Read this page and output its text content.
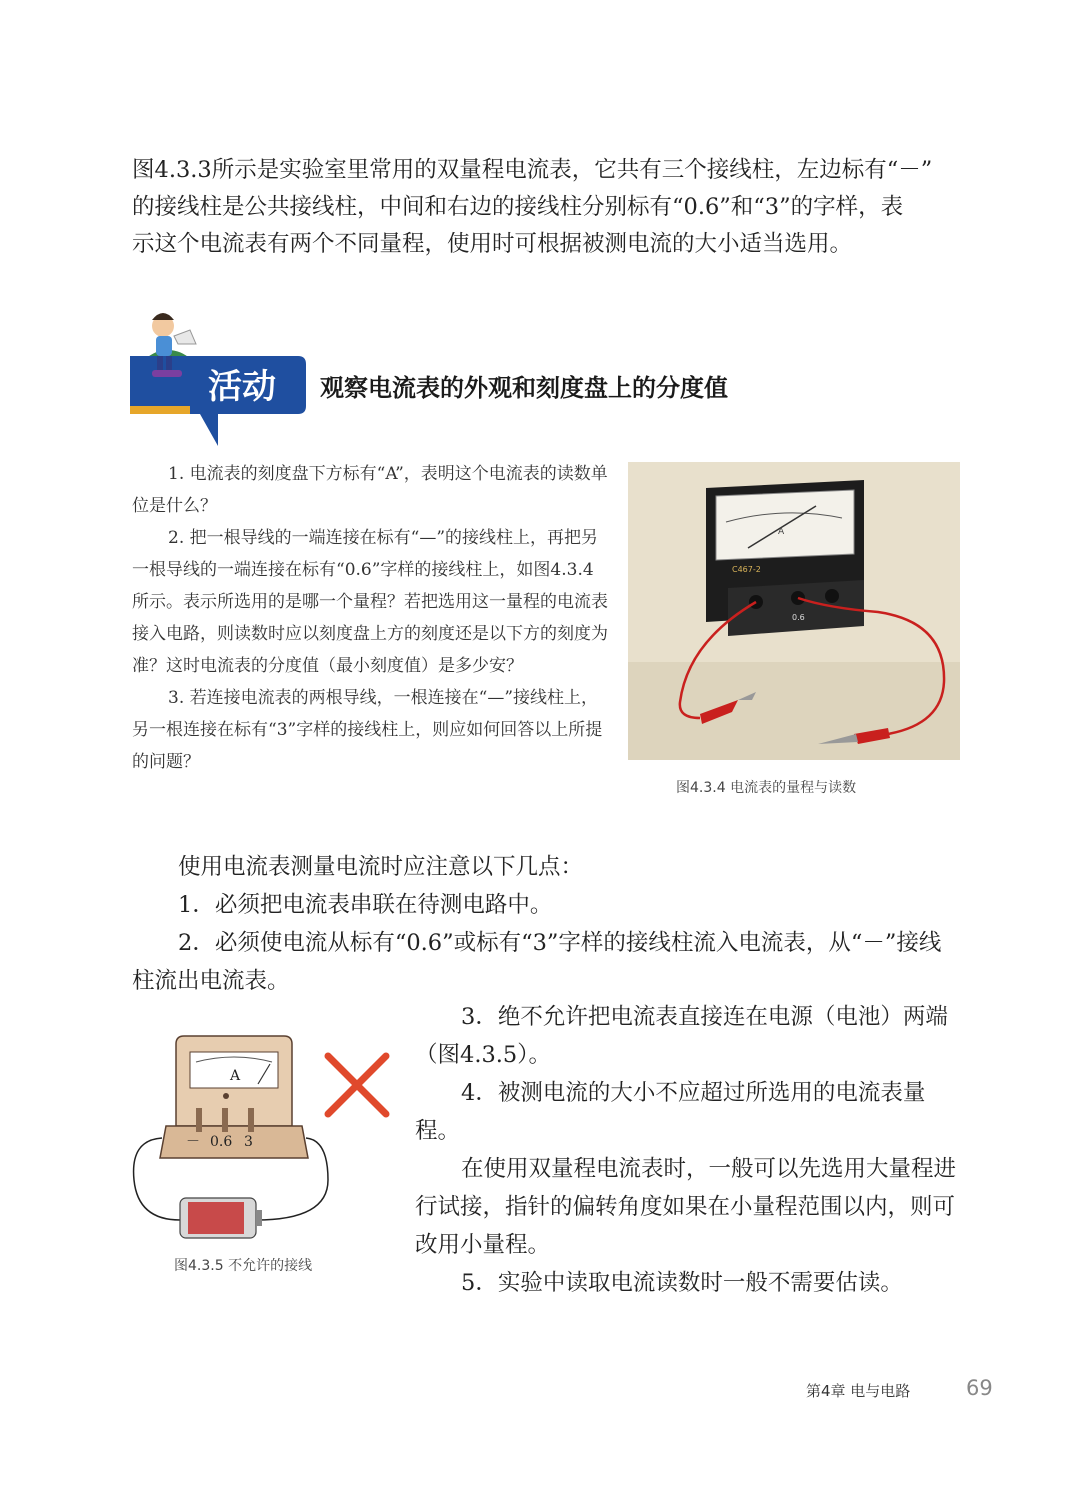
图4.3.3所示是实验室里常用的双量程电流表，它共有三个接线柱，左边标有“－”

的接线柱是公共接线柱，中间和右边的接线柱分别标有“0.6”和“3”的字样，表

示这个电流表有两个不同量程，使用时可根据被测电流的大小适当选用。

活动 观察电流表的外观和刻度盘上的分度值

1. 电流表的刻度盘下方标有“A”，表明这个电流表的读数单位是什么？

2. 把一根导线的一端连接在标有“—”的接线柱上，再把另一根导线的一端连接在标有“0.6”字样的接线柱上，如图4.3.4所示。表示所选用的是哪一个量程？若把选用这一量程的电流表接入电路，则读数时应以刻度盘上方的刻度还是以下方的刻度为准？这时电流表的分度值（最小刻度值）是多少安？

3. 若连接电流表的两根导线，一根连接在“—”接线柱上，另一根连接在标有“3”字样的接线柱上，则应如何回答以上所提的问题？

A
C467-2
0.6
图4.3.4 电流表的量程与读数

使用电流表测量电流时应注意以下几点：

1．必须把电流表串联在待测电路中。

2．必须使电流从标有“0.6”或标有“3”字样的接线柱流入电流表，从“－”接线柱流出电流表。

3．绝不允许把电流表直接连在电源（电池）两端（图4.3.5）。

4．被测电流的大小不应超过所选用的电流表量程。

在使用双量程电流表时，一般可以先选用大量程进行试接，指针的偏转角度如果在小量程范围以内，则可改用小量程。

5．实验中读取电流读数时一般不需要估读。

A
－ 0.6 3
图4.3.5 不允许的接线
第4章 电与电路	69
